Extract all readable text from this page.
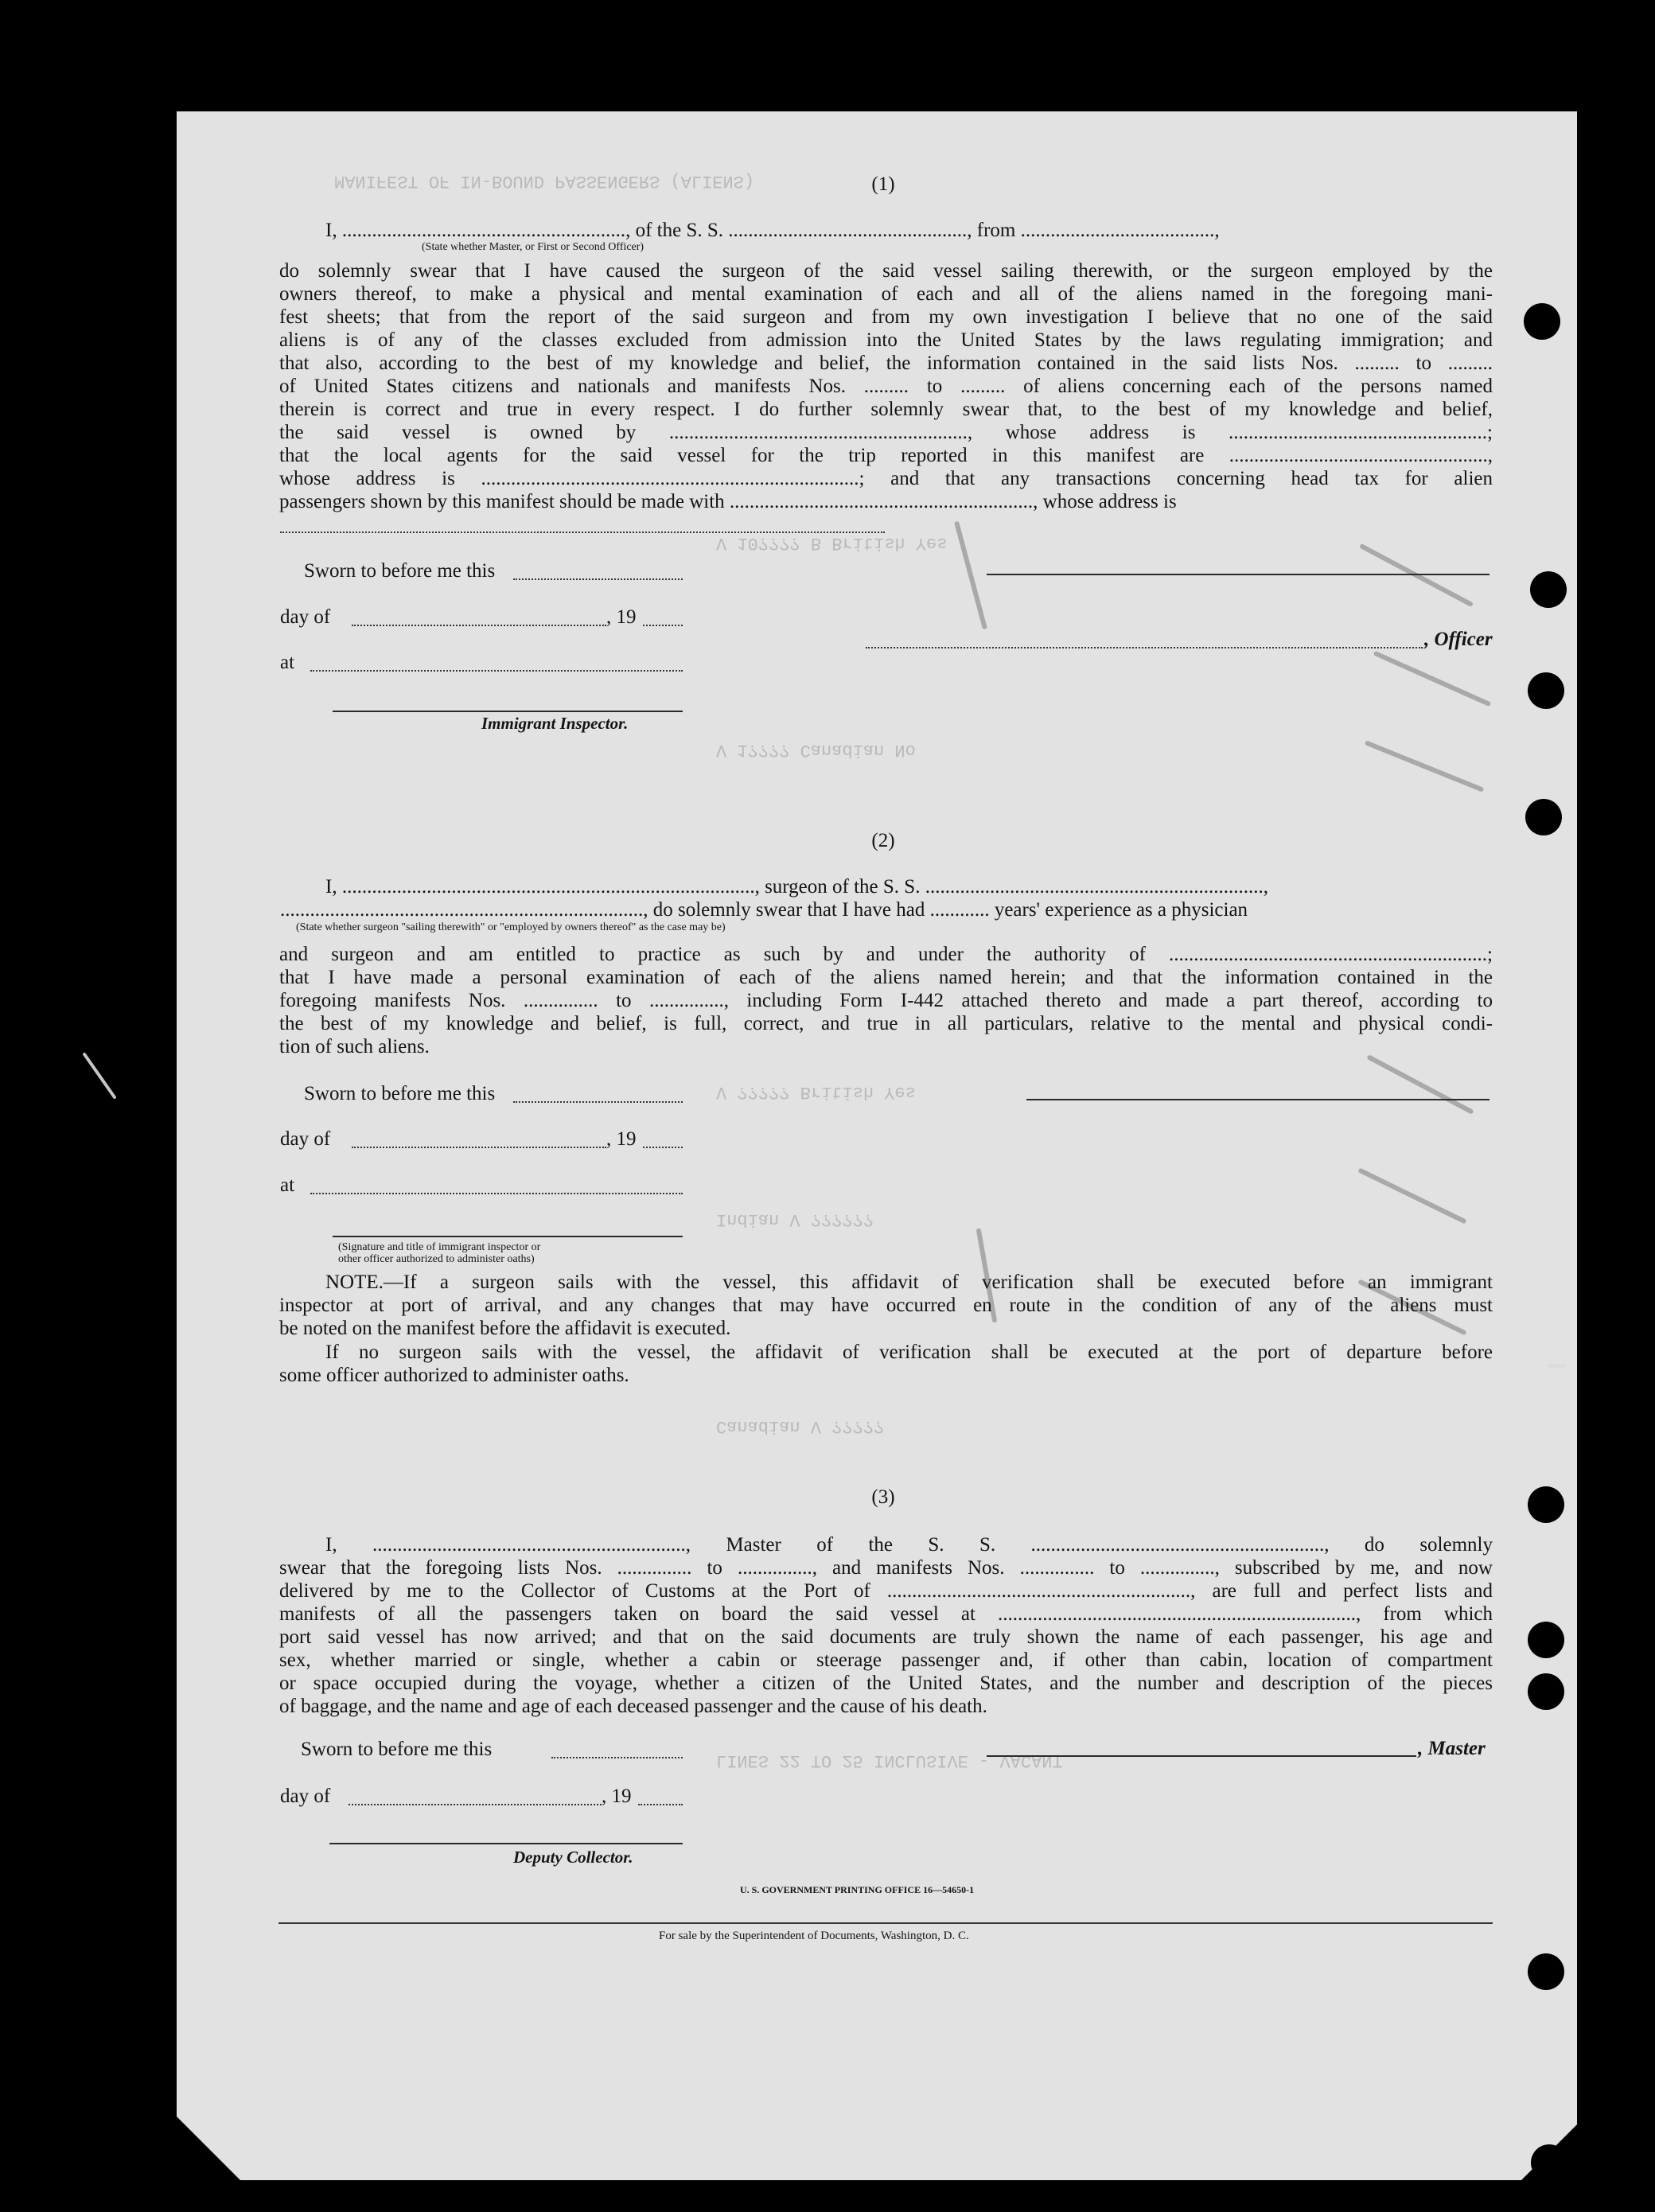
MANIFEST OF IN-BOUND PASSENGERS (ALIENS)
V 10???? B British Yes
V 1???? Canadian No
V ????? British Yes
Indian V ??????
Canadian V ?????
LINES 22 TO 25 INCLUSIVE - VACANT
(1)
I, ........................................................., of the S. S. ................................................, from .......................................,
(State whether Master, or First or Second Officer)
do solemnly swear that I have caused the surgeon of the said vessel sailing therewith, or the surgeon employed by the
owners thereof, to make a physical and mental examination of each and all of the aliens named in the foregoing mani-
fest sheets; that from the report of the said surgeon and from my own investigation I believe that no one of the said
aliens is of any of the classes excluded from admission into the United States by the laws regulating immigration; and
that also, according to the best of my knowledge and belief, the information contained in the said lists Nos. ......... to .........
of United States citizens and nationals and manifests Nos. ......... to ......... of aliens concerning each of the persons named
therein is correct and true in every respect. I do further solemnly swear that, to the best of my knowledge and belief,
the said vessel is owned by ............................................................, whose address is ....................................................;
that the local agents for the said vessel for the trip reported in this manifest are ....................................................,
whose address is ............................................................................; and that any transactions concerning head tax for alien
passengers shown by this manifest should be made with ............................................................., whose address is
Sworn to before me this
day of	, 19
, Officer
at
Immigrant Inspector.
(2)
I, ..................................................................................., surgeon of the S. S. ....................................................................,
........................................................................., do solemnly swear that I have had ............ years' experience as a physician
(State whether surgeon "sailing therewith" or "employed by owners thereof" as the case may be)
and surgeon and am entitled to practice as such by and under the authority of ................................................................;
that I have made a personal examination of each of the aliens named herein; and that the information contained in the
foregoing manifests Nos. ............... to ..............., including Form I-442 attached thereto and made a part thereof, according to
the best of my knowledge and belief, is full, correct, and true in all particulars, relative to the mental and physical condi-
tion of such aliens.
Sworn to before me this
day of	, 19
at
(Signature and title of immigrant inspector or
other officer authorized to administer oaths)
NOTE.—If a surgeon sails with the vessel, this affidavit of verification shall be executed before an immigrant
inspector at port of arrival, and any changes that may have occurred en route in the condition of any of the aliens must
be noted on the manifest before the affidavit is executed.
If no surgeon sails with the vessel, the affidavit of verification shall be executed at the port of departure before
some officer authorized to administer oaths.
(3)
I, ..............................................................., Master of the S. S. ..........................................................., do solemnly
swear that the foregoing lists Nos. ............... to ..............., and manifests Nos. ............... to ..............., subscribed by me, and now
delivered by me to the Collector of Customs at the Port of ............................................................., are full and perfect lists and
manifests of all the passengers taken on board the said vessel at ........................................................................, from which
port said vessel has now arrived; and that on the said documents are truly shown the name of each passenger, his age and
sex, whether married or single, whether a cabin or steerage passenger and, if other than cabin, location of compartment
or space occupied during the voyage, whether a citizen of the United States, and the number and description of the pieces
of baggage, and the name and age of each deceased passenger and the cause of his death.
Sworn to before me this	, Master
day of	, 19
Deputy Collector.
U. S. GOVERNMENT PRINTING OFFICE 16—54650-1
For sale by the Superintendent of Documents, Washington, D. C.
